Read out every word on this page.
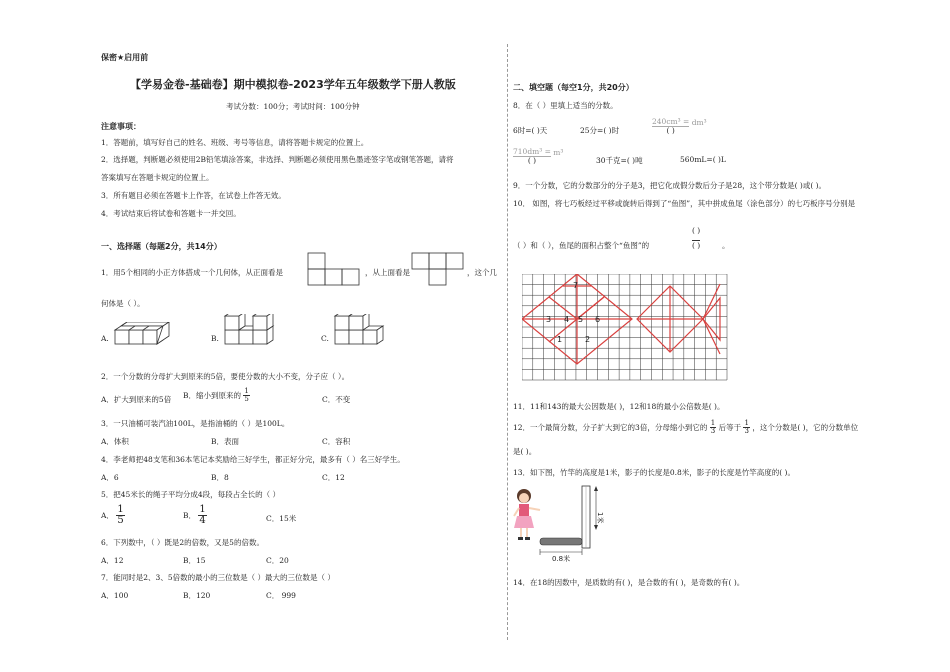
保密★启用前
【学易金卷-基础卷】期中模拟卷-2023学年五年级数学下册人教版
考试分数：100分；考试时间：100分钟
注意事项：
1．答题前，填写好自己的姓名、班级、考号等信息，请将答题卡规定的位置上。
2．选择题，判断题必须使用2B铅笔填涂答案，非选择、判断题必须使用黑色墨迹签字笔或钢笔答题，请将
答案填写在答题卡规定的位置上。
3．所有题目必须在答题卡上作答，在试卷上作答无效。
4．考试结束后将试卷和答题卡一并交回。
一、选择题（每题2分，共14分）
1．用5个相同的小正方体搭成一个几何体，从正面看是	，从上面看是	，这个几
何体是（ ）。
A.	B.	C.
2．一个分数的分母扩大到原来的5倍，要使分数的大小不变，分子应（ ）。
A．扩大到原来的5倍 B．缩小到原来的 $\frac{1}{5}$	C．不变
3．一只油桶可装汽油100L，是指油桶的（ ）是100L。
A．体积	B．表面	C．容积
4．李老师把48支笔和36本笔记本奖励给三好学生，都正好分完，最多有（ ）名三好学生。
A．6	B．8	C．12
5．把45米长的绳子平均分成4段，每段占全长的（ ）
A． $\frac{1}{5}$	B． $\frac{1}{4}$	C．15米
6．下列数中，（ ）既是2的倍数，又是5的倍数。
A．12	B．15	C．20
7．能同时是2、3、5倍数的最小的三位数是（ ）最大的三位数是（ ）
A．100	B．120	C． 999
二、填空题（每空1分，共20分）
8．在（ ）里填上适当的分数。
6时=( )天	25分=( )时	$\frac{\text{240cm³ =}}{( )} dm^3$
$\frac{\text{710dm³ =}}{( )} m^3$
30千克=( )吨	560mL=( )L
9．一个分数，它的分数部分的分子是3，把它化成假分数后分子是28，这个带分数是( )或( )。
10． 如图，将七巧板经过平移或旋转后得到了“鱼图”，其中拼成鱼尾（涂色部分）的七巧板序号分别是
( )
（ ）和（ ），鱼尾的面积占整个“鱼图”的	( )	。
7
3 4 5 6
1	2
11．11和143的最大公因数是( )，12和18的最小公倍数是( )。
12．一个最简分数，分子扩大到它的3倍，分母缩小到它的 $\frac{1}{3}$ 后等于 $\frac{1}{3}$ ，这个分数是( )，它的分数单位
是( )。
13．如下图，竹竿的高度是1米，影子的长度是0.8米，影子的长度是竹竿高度的( )。
0.8米
1米
14．在18的因数中，是质数的有( )，是合数的有( )，是奇数的有( )。
